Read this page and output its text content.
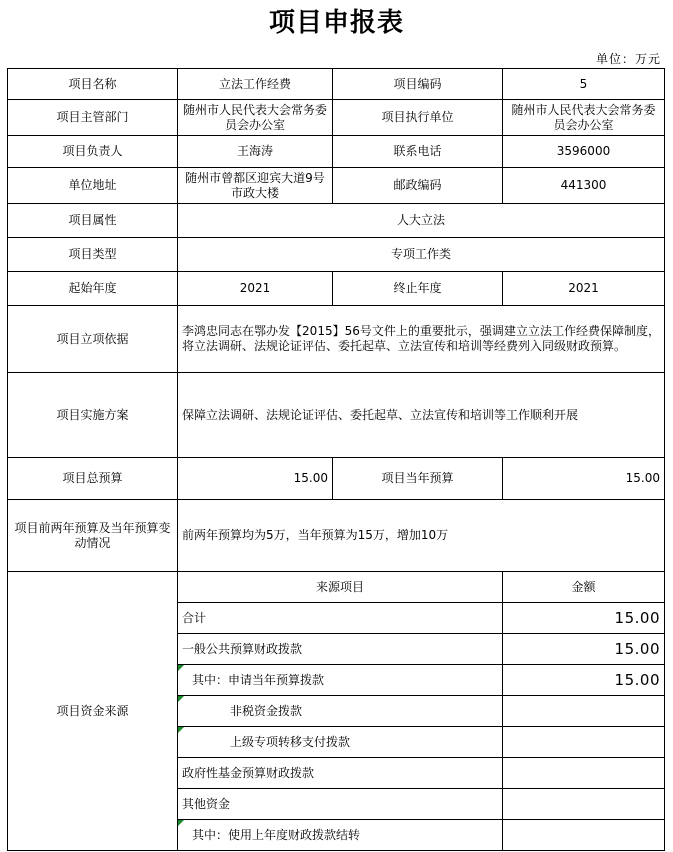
项目申报表
单位：万元
项目名称	立法工作经费	项目编码	5
项目主管部门	随州市人民代表大会常务委员会办公室	项目执行单位	随州市人民代表大会常务委员会办公室
项目负责人	王海涛	联系电话	3596000
单位地址	随州市曾都区迎宾大道9号市政大楼	邮政编码	441300
项目属性	人大立法		
项目类型	专项工作类		
起始年度	2021	终止年度	2021
项目立项依据	李鸿忠同志在鄂办发【2015】56号文件上的重要批示，强调建立立法工作经费保障制度，将立法调研、法规论证评估、委托起草、立法宣传和培训等经费列入同级财政预算。		
项目实施方案	保障立法调研、法规论证评估、委托起草、立法宣传和培训等工作顺利开展		
项目总预算	15.00	项目当年预算	15.00
项目前两年预算及当年预算变动情况	前两年预算均为5万，当年预算为15万，增加10万		
项目资金来源	来源项目		金额
	合计		15.00
	一般公共预算财政拨款		15.00
	其中：申请当年预算拨款		15.00
	非税资金拨款		
	上级专项转移支付拨款		
	政府性基金预算财政拨款		
	其他资金		
	其中：使用上年度财政拨款结转		
